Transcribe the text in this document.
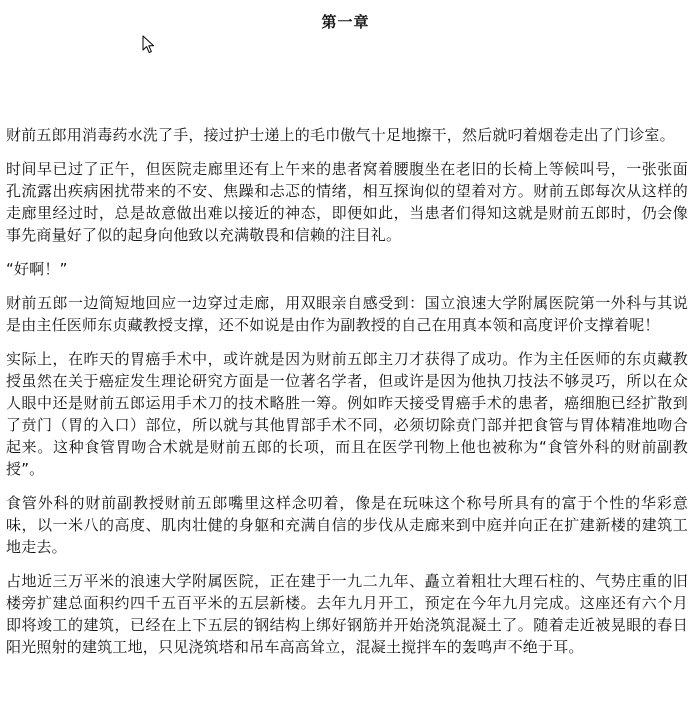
第一章

财前五郎用消毒药水洗了手，接过护士递上的毛巾傲气十足地擦干，然后就叼着烟卷走出了门诊室。

时间早已过了正午，但医院走廊里还有上午来的患者窝着腰腹坐在老旧的长椅上等候叫号，一张张面孔流露出疾病困扰带来的不安、焦躁和忐忑的情绪，相互探询似的望着对方。财前五郎每次从这样的走廊里经过时，总是故意做出难以接近的神态，即便如此，当患者们得知这就是财前五郎时，仍会像事先商量好了似的起身向他致以充满敬畏和信赖的注目礼。

“好啊！”

财前五郎一边简短地回应一边穿过走廊，用双眼亲自感受到：国立浪速大学附属医院第一外科与其说是由主任医师东贞藏教授支撑，还不如说是由作为副教授的自己在用真本领和高度评价支撑着呢！

实际上，在昨天的胃癌手术中，或许就是因为财前五郎主刀才获得了成功。作为主任医师的东贞藏教授虽然在关于癌症发生理论研究方面是一位著名学者，但或许是因为他执刀技法不够灵巧，所以在众人眼中还是财前五郎运用手术刀的技术略胜一筹。例如昨天接受胃癌手术的患者，癌细胞已经扩散到了贲门（胃的入口）部位，所以就与其他胃部手术不同，必须切除贲门部并把食管与胃体精准地吻合起来。这种食管胃吻合术就是财前五郎的长项，而且在医学刊物上他也被称为“食管外科的财前副教授”。

食管外科的财前副教授财前五郎嘴里这样念叨着，像是在玩味这个称号所具有的富于个性的华彩意味，以一米八的高度、肌肉壮健的身躯和充满自信的步伐从走廊来到中庭并向正在扩建新楼的建筑工地走去。

占地近三万平米的浪速大学附属医院，正在建于一九二九年、矗立着粗壮大理石柱的、气势庄重的旧楼旁扩建总面积约四千五百平米的五层新楼。去年九月开工，预定在今年九月完成。这座还有六个月即将竣工的建筑，已经在上下五层的钢结构上绑好钢筋并开始浇筑混凝土了。随着走近被晃眼的春日阳光照射的建筑工地，只见浇筑塔和吊车高高耸立，混凝土搅拌车的轰鸣声不绝于耳。
